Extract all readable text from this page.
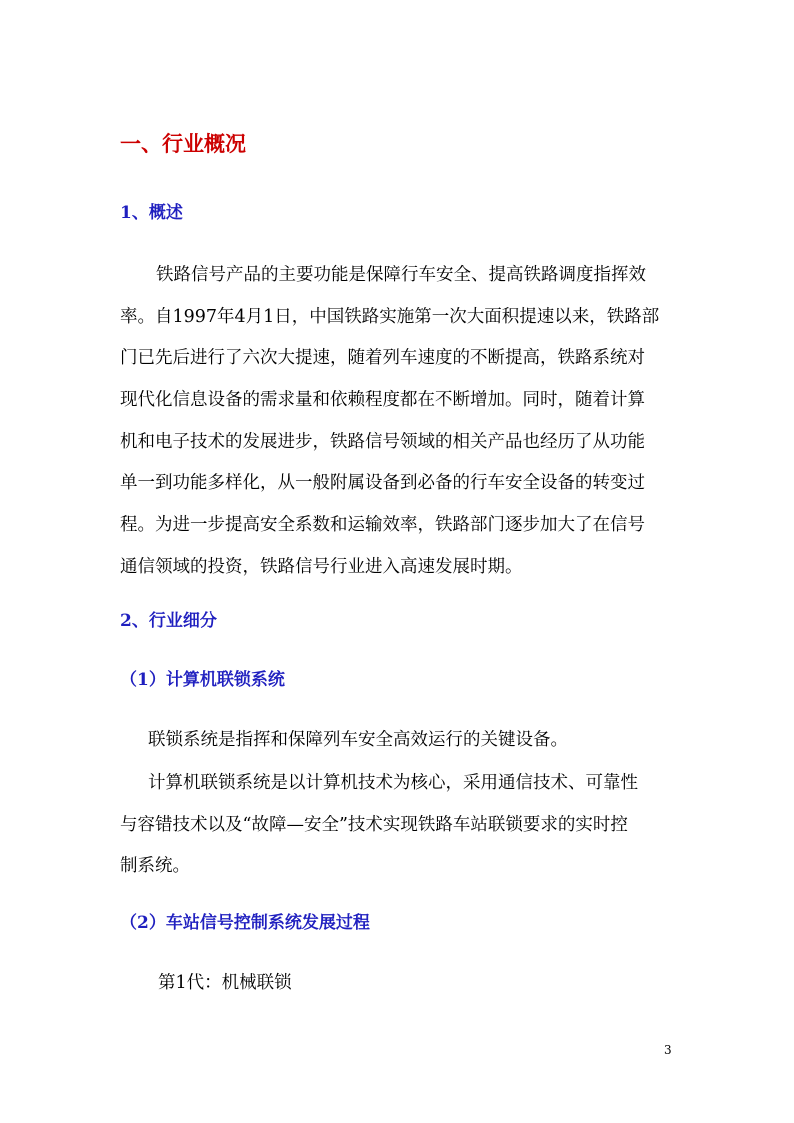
一、行业概况
1、概述
铁路信号产品的主要功能是保障行车安全、提高铁路调度指挥效
率。自1997年4月1日，中国铁路实施第一次大面积提速以来，铁路部
门已先后进行了六次大提速，随着列车速度的不断提高，铁路系统对
现代化信息设备的需求量和依赖程度都在不断增加。同时，随着计算
机和电子技术的发展进步，铁路信号领域的相关产品也经历了从功能
单一到功能多样化，从一般附属设备到必备的行车安全设备的转变过
程。为进一步提高安全系数和运输效率，铁路部门逐步加大了在信号
通信领域的投资，铁路信号行业进入高速发展时期。
2、行业细分
（1）计算机联锁系统
联锁系统是指挥和保障列车安全高效运行的关键设备。
计算机联锁系统是以计算机技术为核心，采用通信技术、可靠性
与容错技术以及“故障—安全”技术实现铁路车站联锁要求的实时控
制系统。
（2）车站信号控制系统发展过程
第1代：机械联锁
3
